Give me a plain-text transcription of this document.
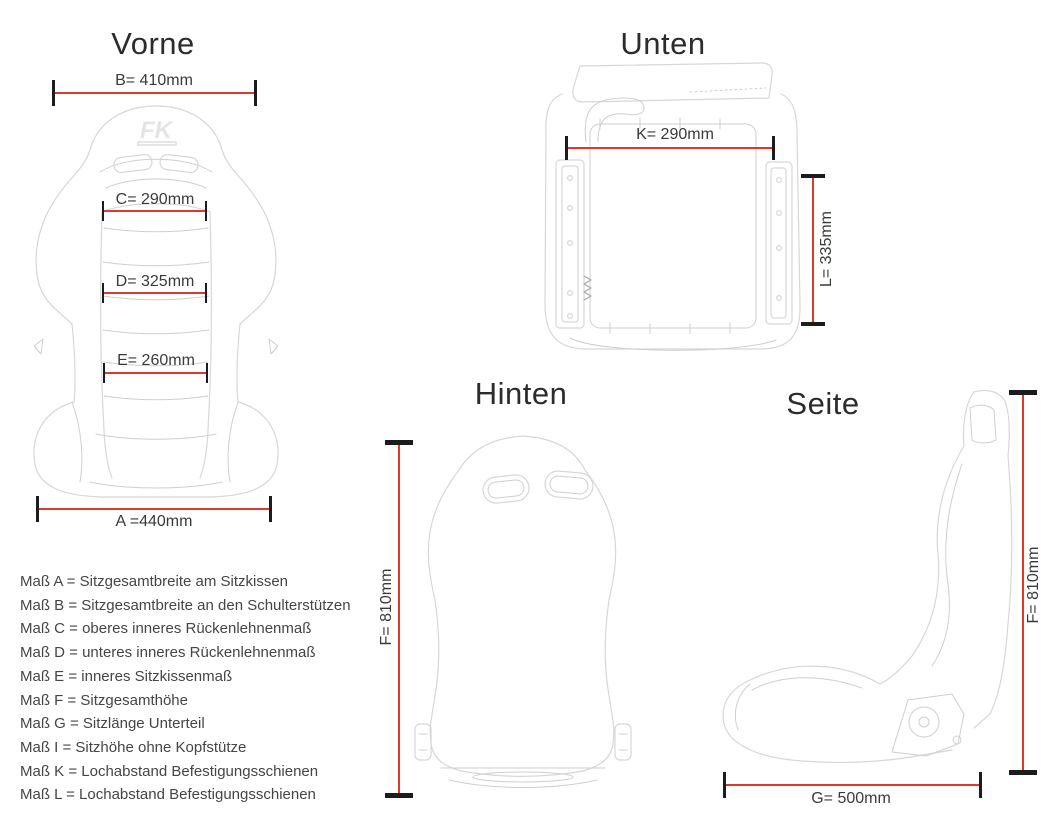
Vorne	Unten
Hinten	Seite
FK
B= 410mm
C= 290mm
D= 325mm
E= 260mm
A =440mm
K= 290mm
L= 335mm
F= 810mm	F= 810mm
G= 500mm
Maß A = Sitzgesamtbreite am Sitzkissen
Maß B = Sitzgesamtbreite an den Schulterstützen
Maß C = oberes inneres Rückenlehnenmaß
Maß D = unteres inneres Rückenlehnenmaß
Maß E = inneres Sitzkissenmaß
Maß F = Sitzgesamthöhe
Maß G = Sitzlänge Unterteil
Maß I = Sitzhöhe ohne Kopfstütze
Maß K = Lochabstand Befestigungsschienen
Maß L = Lochabstand Befestigungsschienen
